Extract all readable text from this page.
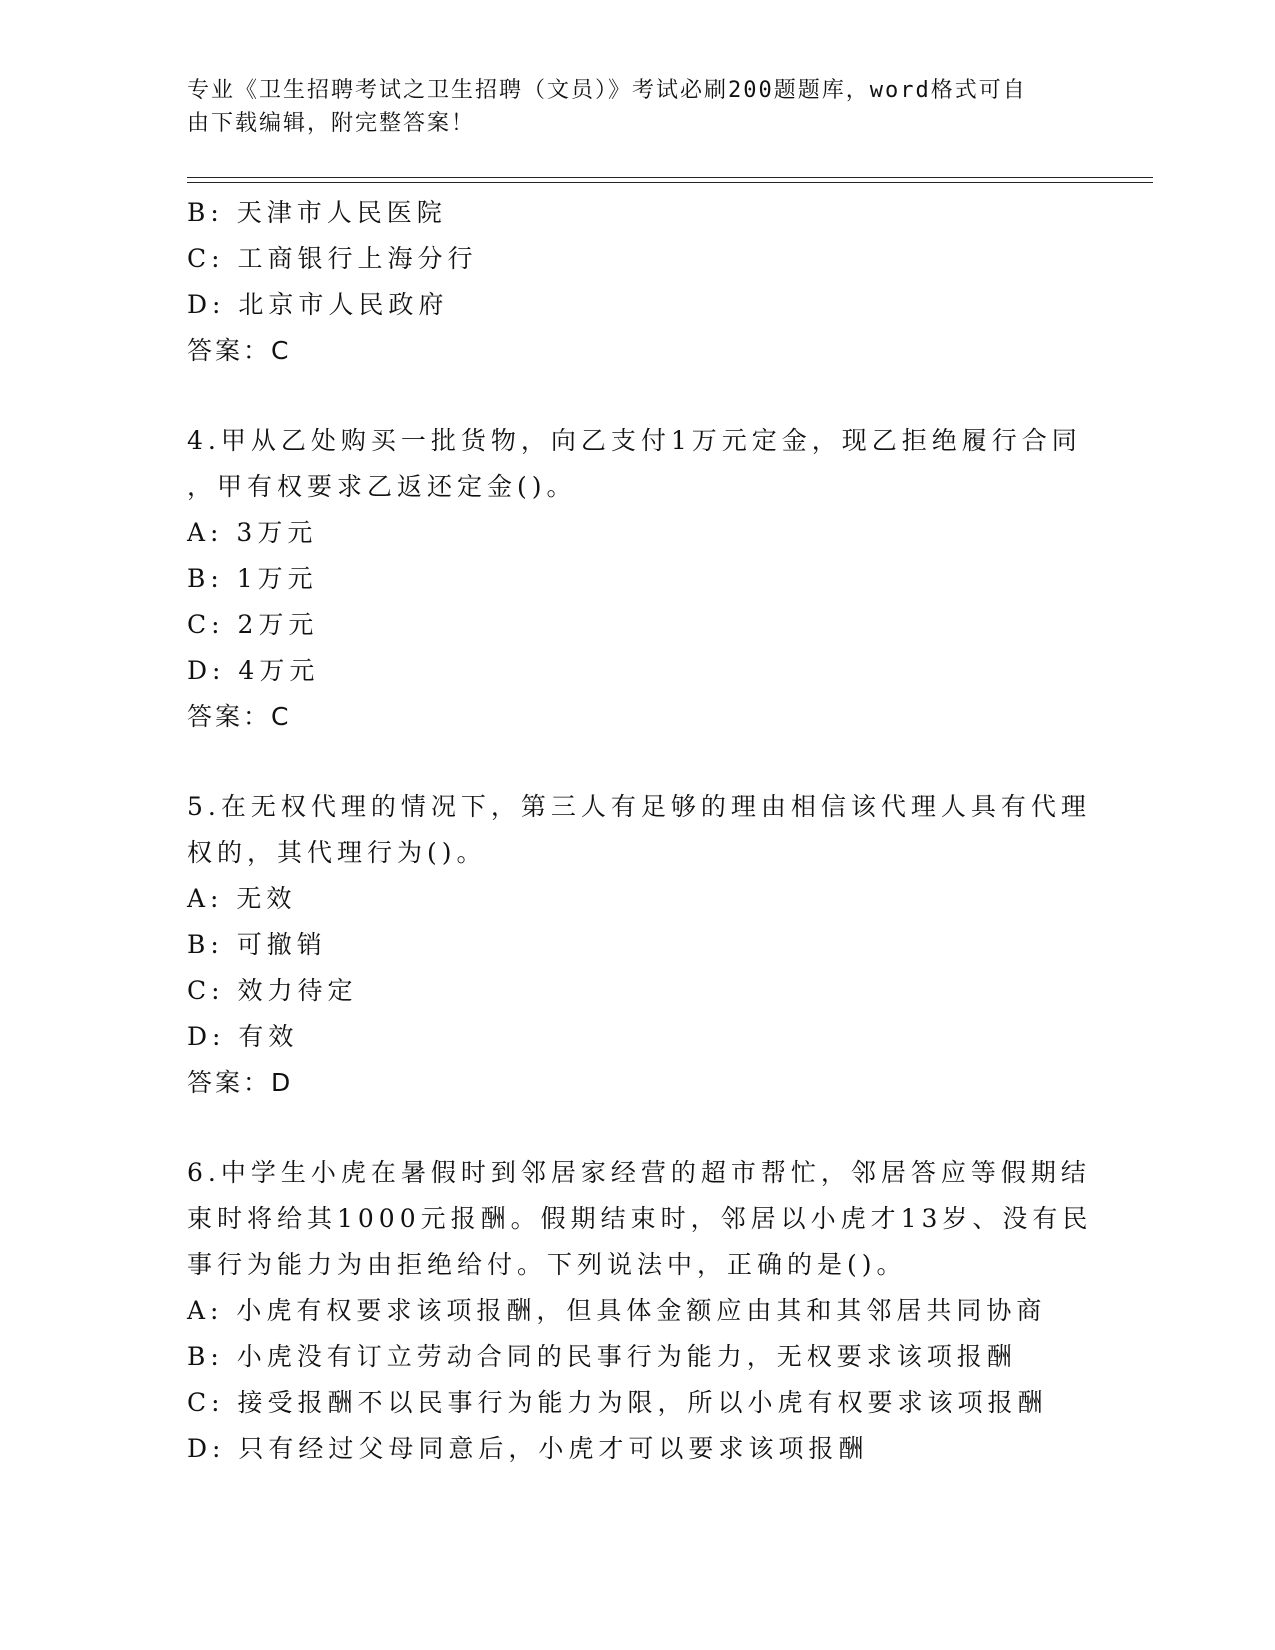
专业《卫生招聘考试之卫生招聘（文员）》考试必刷200题题库，word格式可自
由下载编辑，附完整答案！
B: 天津市人民医院
C: 工商银行上海分行
D: 北京市人民政府
答案：C
4.甲从乙处购买一批货物，向乙支付1万元定金，现乙拒绝履行合同
，甲有权要求乙返还定金()。
A: 3万元
B: 1万元
C: 2万元
D: 4万元
答案：C
5.在无权代理的情况下，第三人有足够的理由相信该代理人具有代理
权的，其代理行为()。
A: 无效
B: 可撤销
C: 效力待定
D: 有效
答案：D
6.中学生小虎在暑假时到邻居家经营的超市帮忙，邻居答应等假期结
束时将给其1000元报酬。假期结束时，邻居以小虎才13岁、没有民
事行为能力为由拒绝给付。下列说法中，正确的是()。
A: 小虎有权要求该项报酬，但具体金额应由其和其邻居共同协商
B: 小虎没有订立劳动合同的民事行为能力，无权要求该项报酬
C: 接受报酬不以民事行为能力为限，所以小虎有权要求该项报酬
D: 只有经过父母同意后，小虎才可以要求该项报酬
